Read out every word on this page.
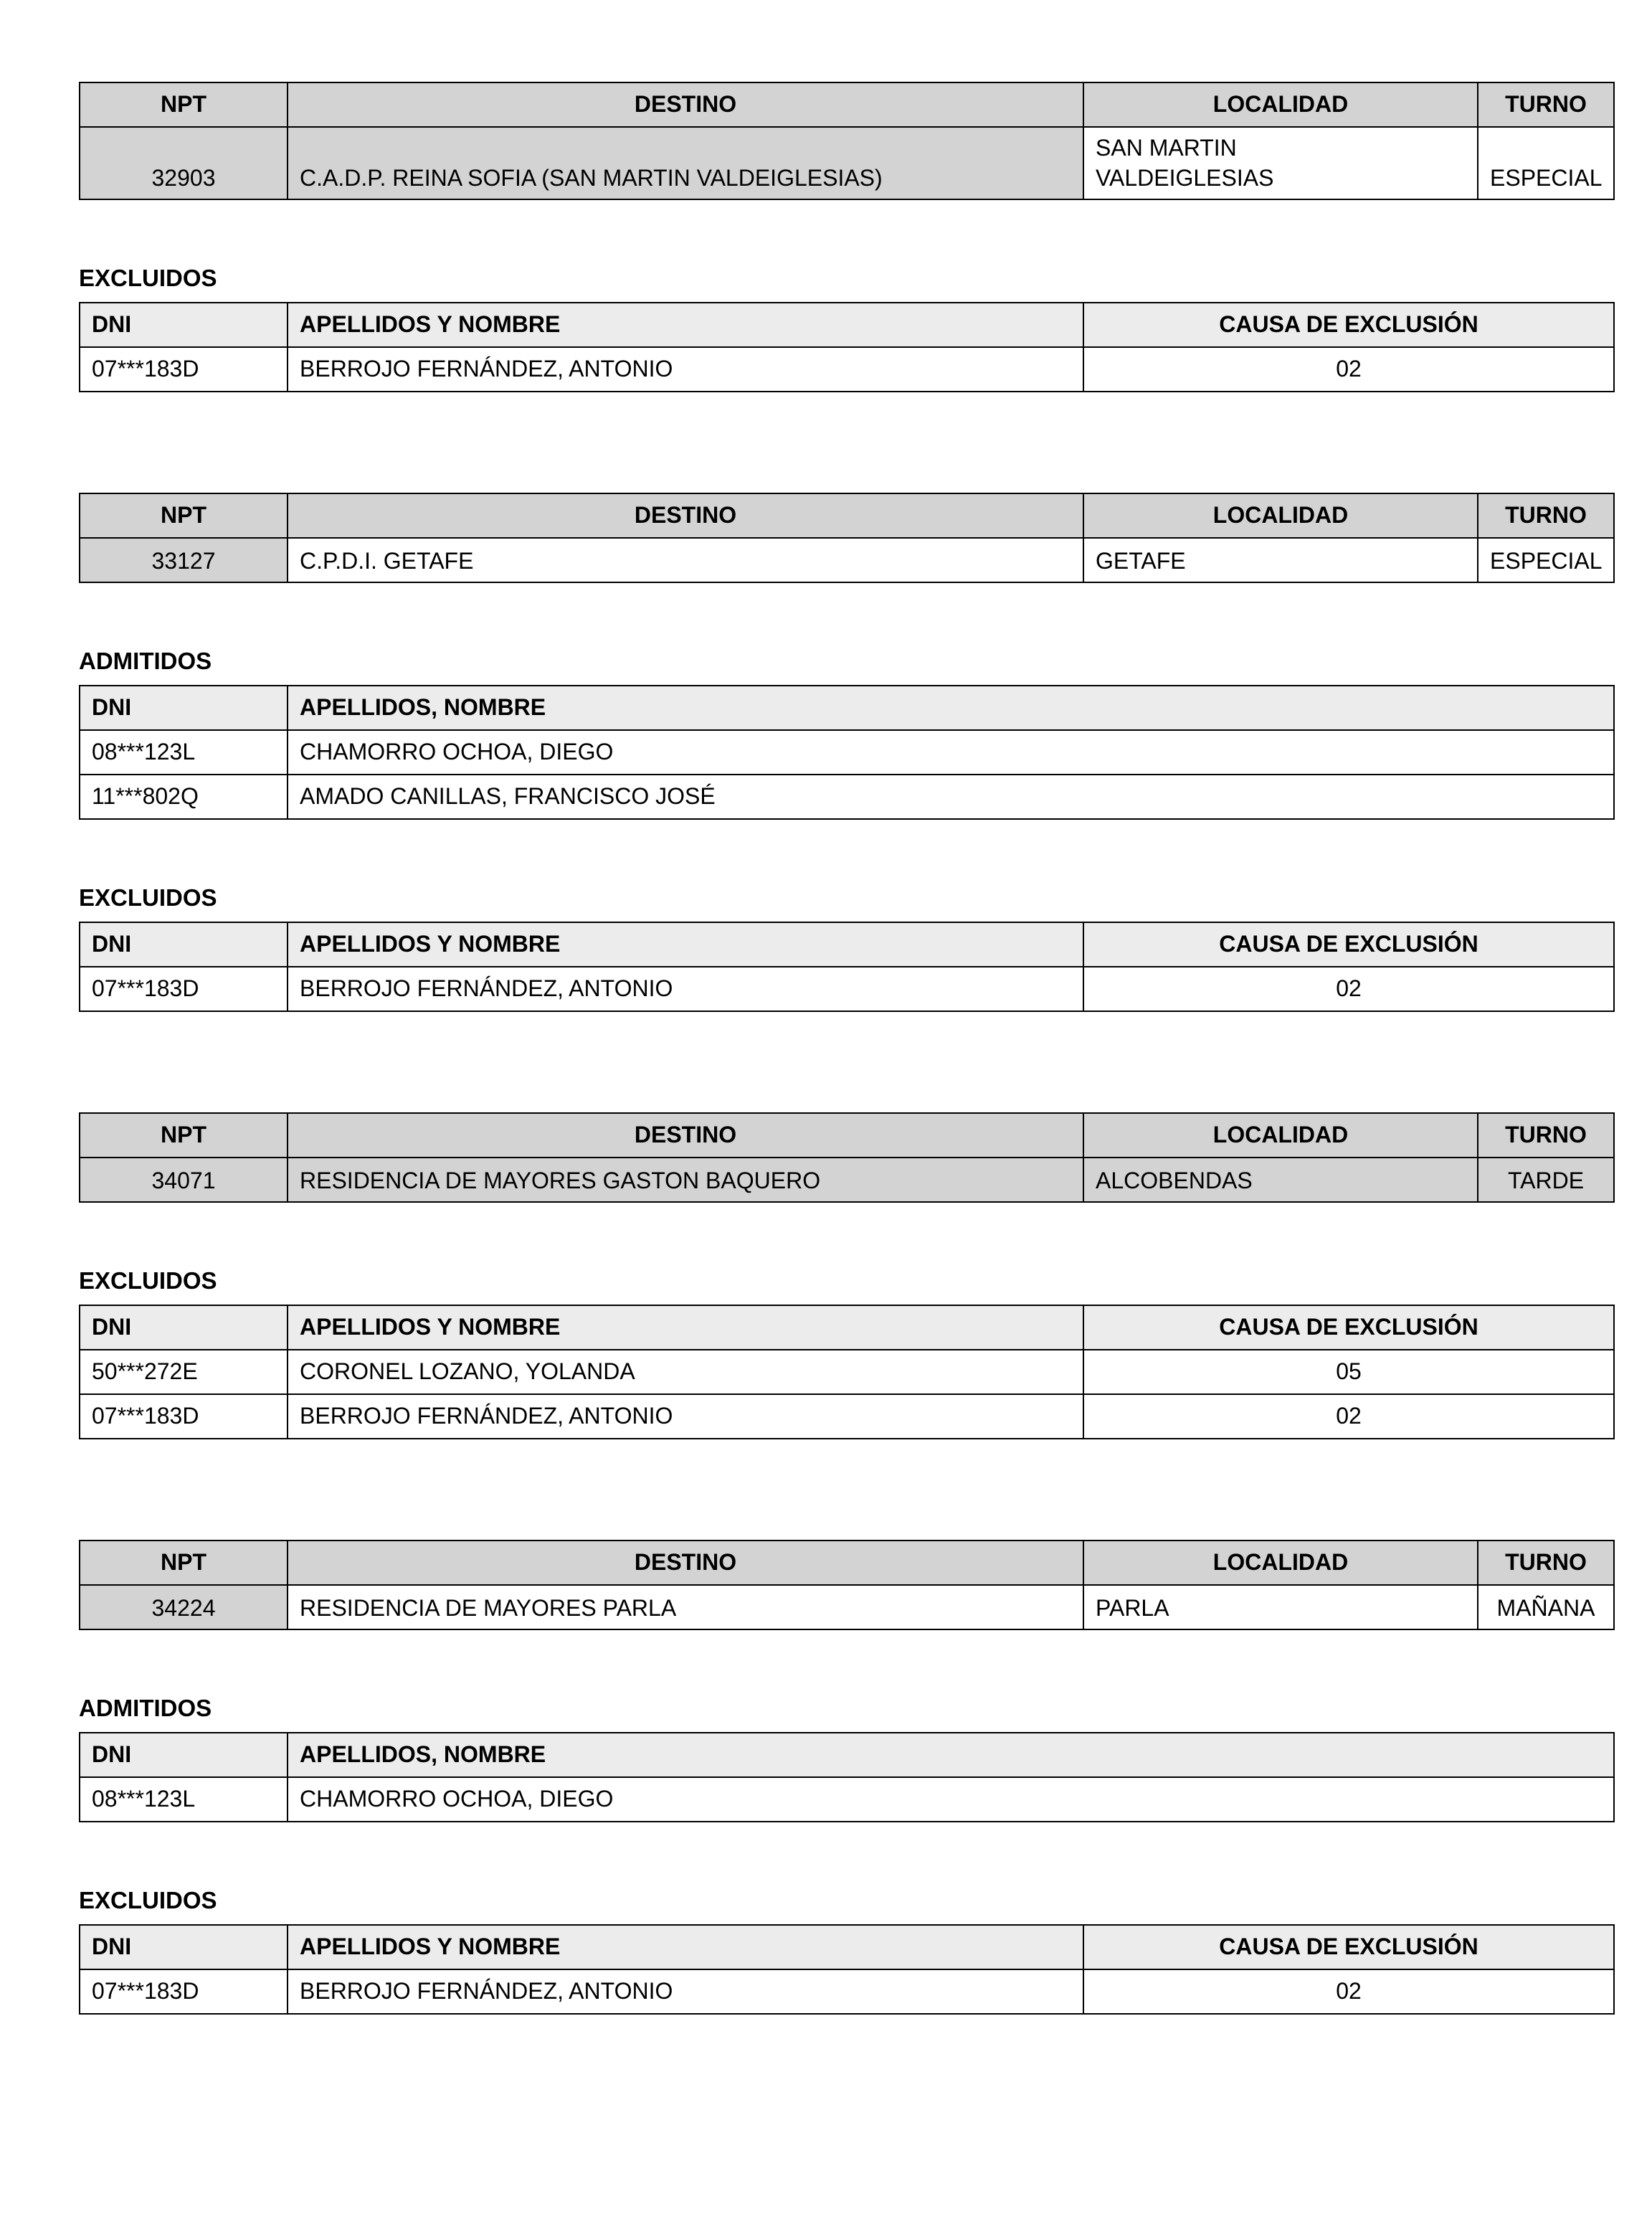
NPT	DESTINO	LOCALIDAD	TURNO
32903	C.A.D.P. REINA SOFIA (SAN MARTIN VALDEIGLESIAS)	SAN MARTIN VALDEIGLESIAS	ESPECIAL
EXCLUIDOS
DNI	APELLIDOS Y NOMBRE	CAUSA DE EXCLUSIÓN
07***183D	BERROJO FERNÁNDEZ, ANTONIO	02
NPT	DESTINO	LOCALIDAD	TURNO
33127	C.P.D.I. GETAFE	GETAFE	ESPECIAL
ADMITIDOS
DNI	APELLIDOS, NOMBRE
08***123L	CHAMORRO OCHOA, DIEGO
11***802Q	AMADO CANILLAS, FRANCISCO JOSÉ
EXCLUIDOS
DNI	APELLIDOS Y NOMBRE	CAUSA DE EXCLUSIÓN
07***183D	BERROJO FERNÁNDEZ, ANTONIO	02
NPT	DESTINO	LOCALIDAD	TURNO
34071	RESIDENCIA DE MAYORES GASTON BAQUERO	ALCOBENDAS	TARDE
EXCLUIDOS
DNI	APELLIDOS Y NOMBRE	CAUSA DE EXCLUSIÓN
50***272E	CORONEL LOZANO, YOLANDA	05
07***183D	BERROJO FERNÁNDEZ, ANTONIO	02
NPT	DESTINO	LOCALIDAD	TURNO
34224	RESIDENCIA DE MAYORES PARLA	PARLA	MAÑANA
ADMITIDOS
DNI	APELLIDOS, NOMBRE
08***123L	CHAMORRO OCHOA, DIEGO
EXCLUIDOS
DNI	APELLIDOS Y NOMBRE	CAUSA DE EXCLUSIÓN
07***183D	BERROJO FERNÁNDEZ, ANTONIO	02
